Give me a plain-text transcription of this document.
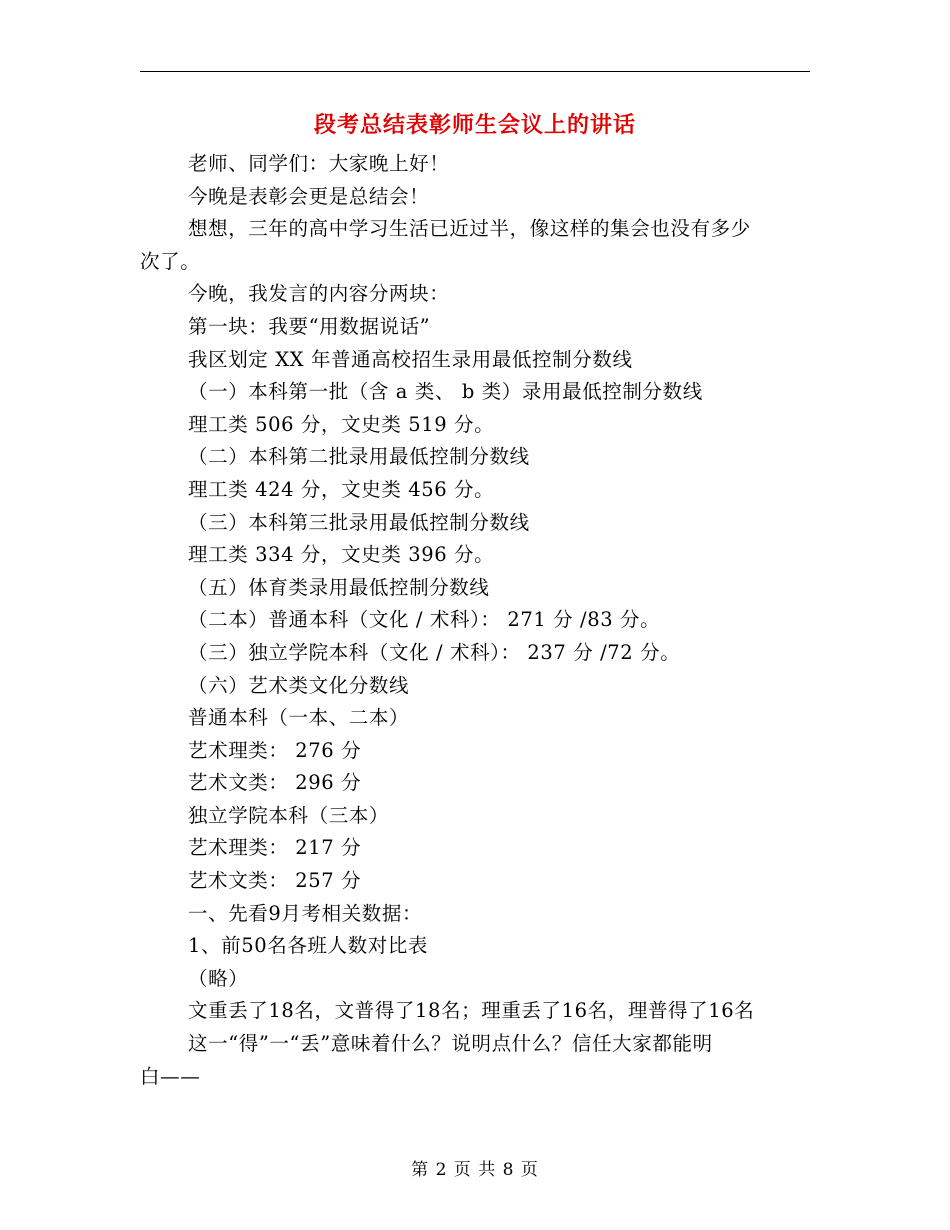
段考总结表彰师生会议上的讲话
老师、同学们：大家晚上好！
今晚是表彰会更是总结会！
想想，三年的高中学习生活已近过半，像这样的集会也没有多少
次了。
今晚，我发言的内容分两块：
第一块：我要“用数据说话”
我区划定 XX 年普通高校招生录用最低控制分数线
（一）本科第一批（含 a 类、 b 类）录用最低控制分数线
理工类 506 分，文史类 519 分。
（二）本科第二批录用最低控制分数线
理工类 424 分，文史类 456 分。
（三）本科第三批录用最低控制分数线
理工类 334 分，文史类 396 分。
（五）体育类录用最低控制分数线
（二本）普通本科（文化 / 术科）： 271 分 /83 分。
（三）独立学院本科（文化 / 术科）： 237 分 /72 分。
（六）艺术类文化分数线
普通本科（一本、二本）
艺术理类： 276 分
艺术文类： 296 分
独立学院本科（三本）
艺术理类： 217 分
艺术文类： 257 分
一、先看9月考相关数据：
1、前50名各班人数对比表
（略）
文重丢了18名，文普得了18名；理重丢了16名，理普得了16名
这一“得”一“丢”意味着什么？说明点什么？信任大家都能明
白——
第 2 页 共 8 页
